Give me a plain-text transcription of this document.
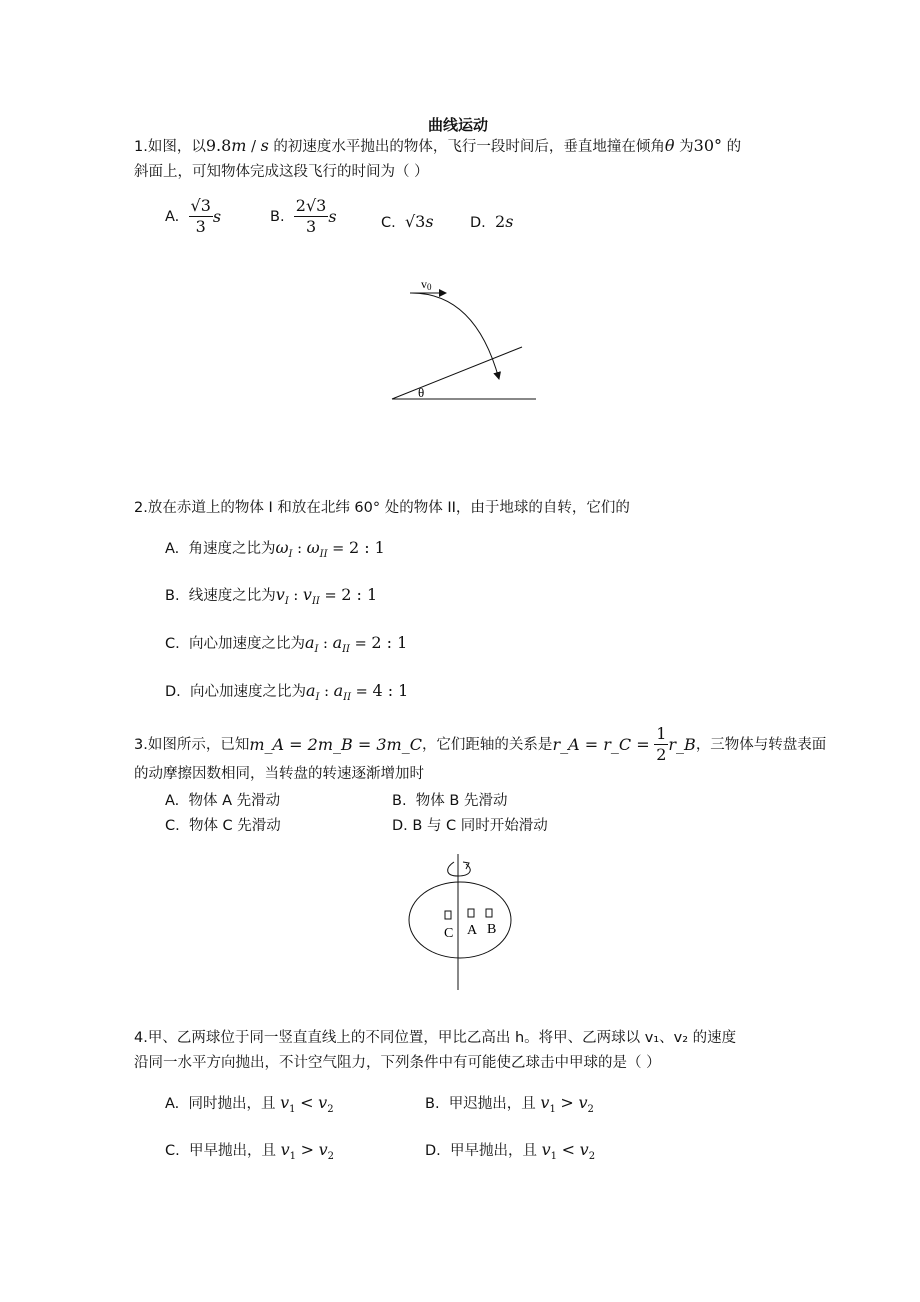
曲线运动
1.如图，以9.8m / s 的初速度水平抛出的物体，飞行一段时间后，垂直地撞在倾角θ 为30° 的
斜面上，可知物体完成这段飞行的时间为（ ）
A.
$\frac{√3}{3}$ s	B.
$\frac{2√3}{3}$ s	C. √3s	D. 2s
v0
θ
2.放在赤道上的物体 I 和放在北纬 60° 处的物体 II，由于地球的自转，它们的
A. 角速度之比为$\omega_I$ : $\omega_{II} = 2$ : 1
B. 线速度之比为$v_I$ : $v_{II} = 2$ : 1
C. 向心加速度之比为$a_I$ : $a_{II} = 2$ : 1
D. 向心加速度之比为$a_I$ : $a_{II} = 4$ : 1
3.如图所示，已知 m_A = 2m_B = 3m_C ，它们距轴的关系是 r_A = r_C =
$\frac{1}{2}$ r_B ，三物体与转盘表面
的动摩擦因数相同，当转盘的转速逐渐增加时
A. 物体 A 先滑动	B. 物体 B 先滑动
C. 物体 C 先滑动	D. B 与 C 同时开始滑动
C A B
4.甲、乙两球位于同一竖直直线上的不同位置，甲比乙高出 h。将甲、乙两球以 v₁、v₂ 的速度
沿同一水平方向抛出，不计空气阻力，下列条件中有可能使乙球击中甲球的是（ ）
A. 同时抛出，且 $v_1 < v_2$	B. 甲迟抛出，且 $v_1 > v_2$
C. 甲早抛出，且 $v_1 > v_2$	D. 甲早抛出，且 $v_1 < v_2$
